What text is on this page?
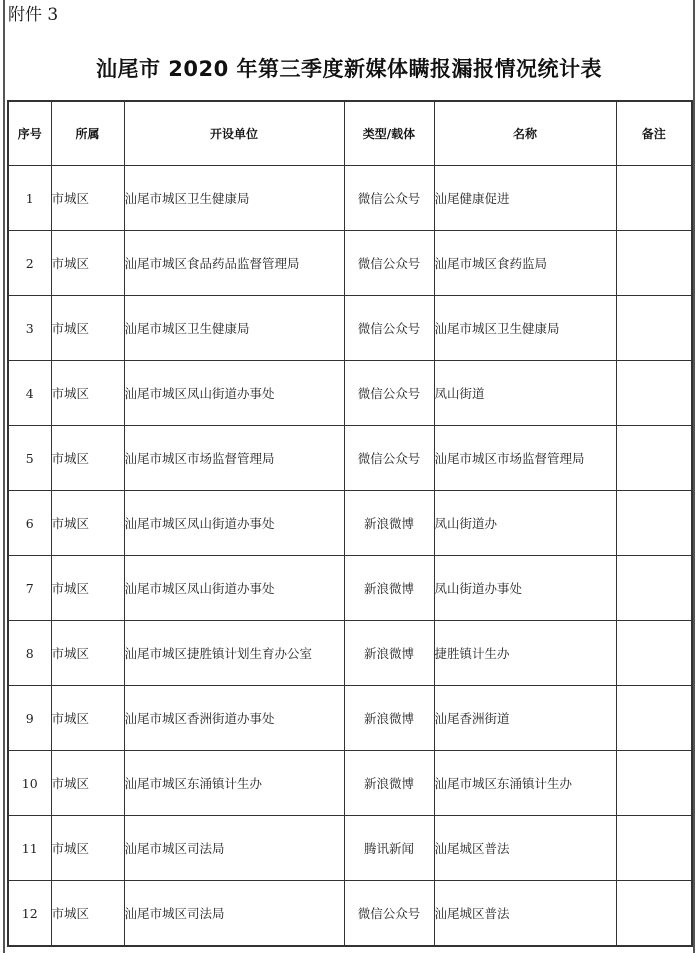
附件 3
汕尾市 2020 年第三季度新媒体瞒报漏报情况统计表
序号	所属	开设单位	类型/载体	名称	备注
1	市城区	汕尾市城区卫生健康局	微信公众号	汕尾健康促进	
2	市城区	汕尾市城区食品药品监督管理局	微信公众号	汕尾市城区食药监局	
3	市城区	汕尾市城区卫生健康局	微信公众号	汕尾市城区卫生健康局	
4	市城区	汕尾市城区凤山街道办事处	微信公众号	凤山街道	
5	市城区	汕尾市城区市场监督管理局	微信公众号	汕尾市城区市场监督管理局	
6	市城区	汕尾市城区凤山街道办事处	新浪微博	凤山街道办	
7	市城区	汕尾市城区凤山街道办事处	新浪微博	凤山街道办事处	
8	市城区	汕尾市城区捷胜镇计划生育办公室	新浪微博	捷胜镇计生办	
9	市城区	汕尾市城区香洲街道办事处	新浪微博	汕尾香洲街道	
10	市城区	汕尾市城区东涌镇计生办	新浪微博	汕尾市城区东涌镇计生办	
11	市城区	汕尾市城区司法局	腾讯新闻	汕尾城区普法	
12	市城区	汕尾市城区司法局	微信公众号	汕尾城区普法	
